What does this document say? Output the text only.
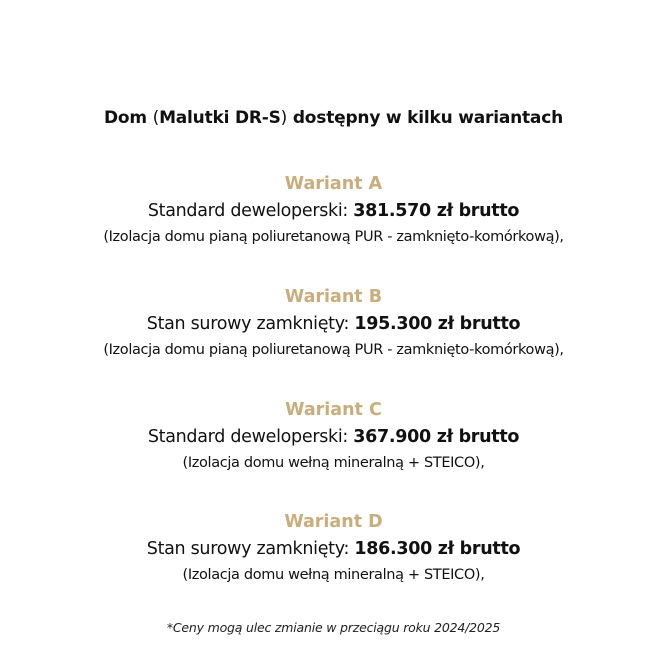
Dom (Malutki DR-S) dostępny w kilku wariantach
Wariant A
Standard deweloperski: 381.570 zł brutto
(Izolacja domu pianą poliuretanową PUR - zamknięto-komórkową),
Wariant B
Stan surowy zamknięty: 195.300 zł brutto
(Izolacja domu pianą poliuretanową PUR - zamknięto-komórkową),
Wariant C
Standard deweloperski: 367.900 zł brutto
(Izolacja domu wełną mineralną + STEICO),
Wariant D
Stan surowy zamknięty: 186.300 zł brutto
(Izolacja domu wełną mineralną + STEICO),
*Ceny mogą ulec zmianie w przeciągu roku 2024/2025
